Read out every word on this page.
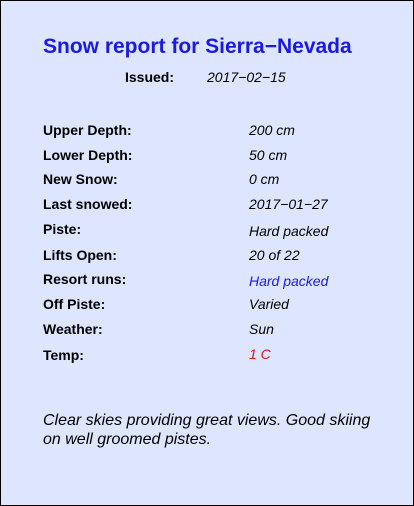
Snow report for Sierra−Nevada
Issued: 2017−02−15
Upper Depth:	200 cm
Lower Depth:	50 cm
New Snow:	0 cm
Last snowed:	2017−01−27
Piste:	Hard packed
Lifts Open:	20 of 22
Resort runs:	Hard packed
Off Piste:	Varied
Weather:	Sun
Temp:	1 C
Clear skies providing great views. Good skiing on well groomed pistes.
